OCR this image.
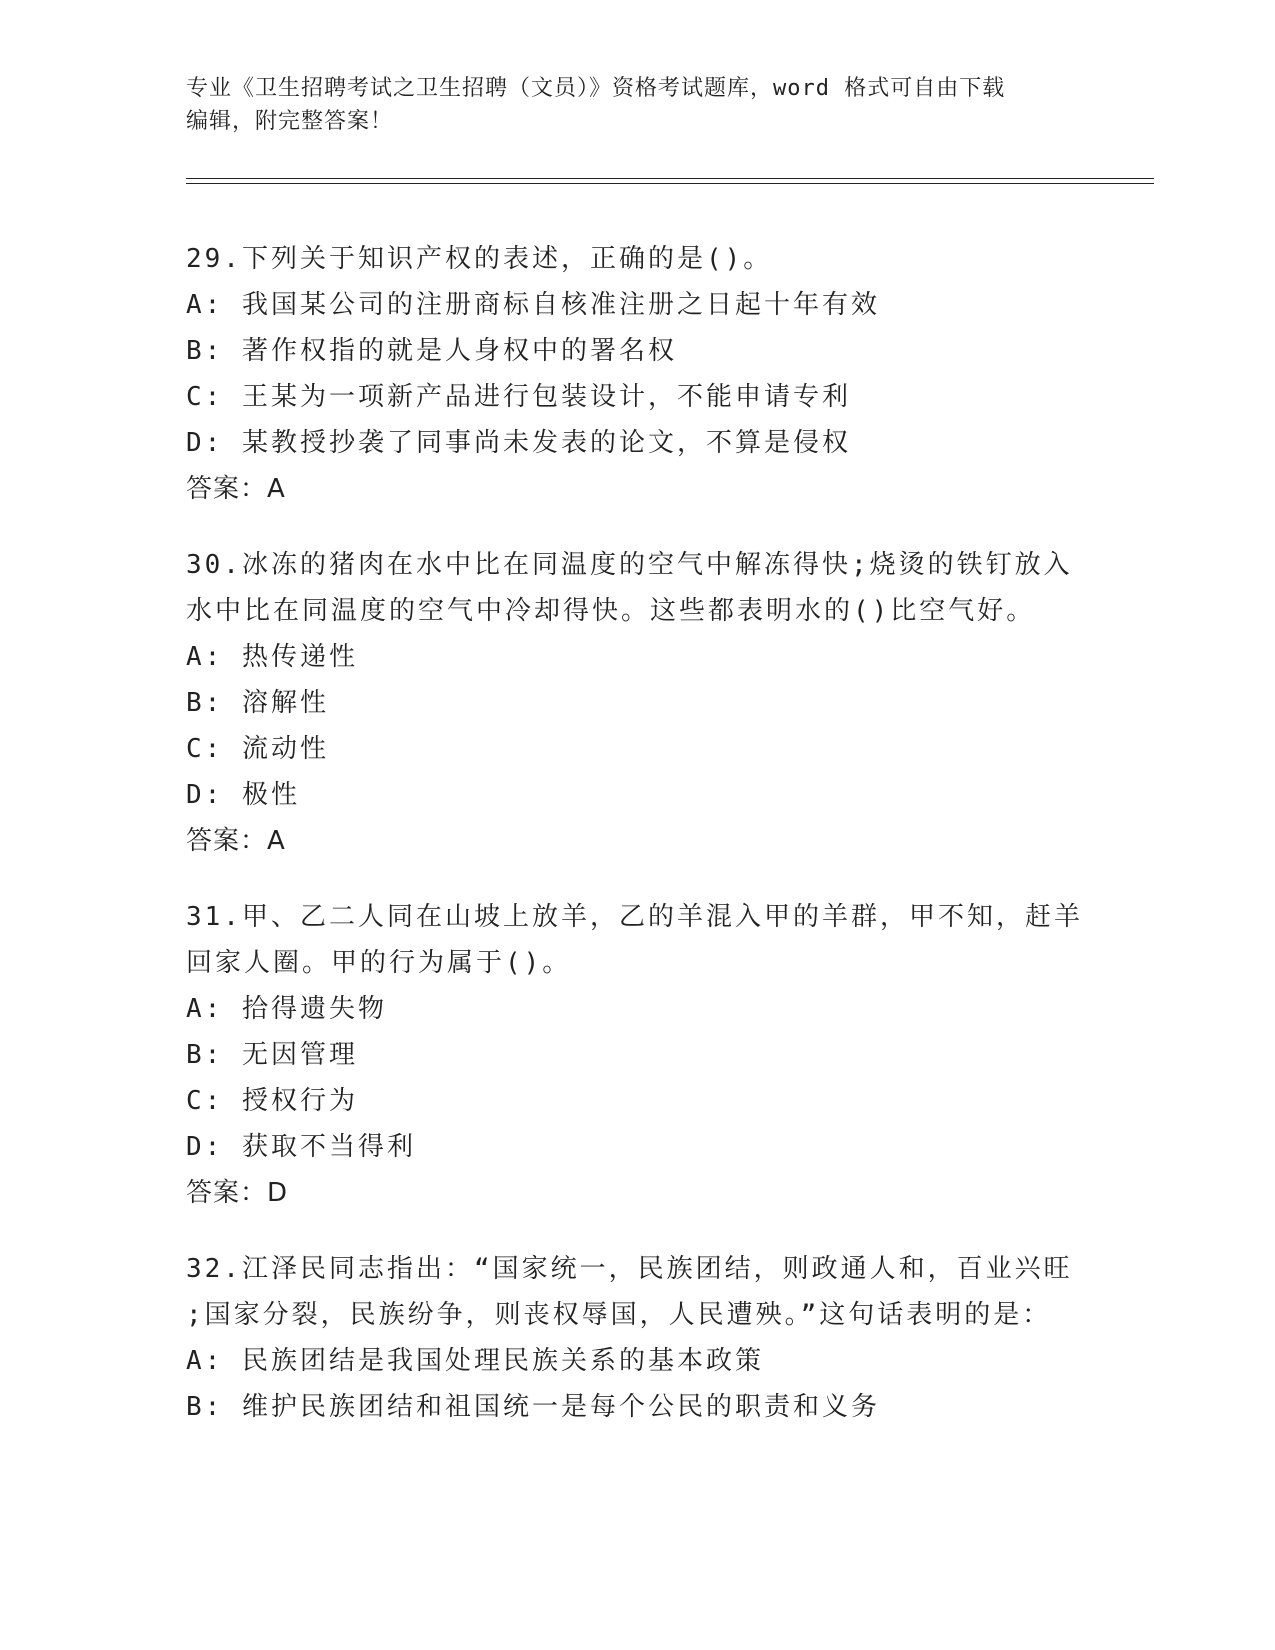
专业《卫生招聘考试之卫生招聘（文员）》资格考试题库，word 格式可自由下载
编辑，附完整答案！
29.下列关于知识产权的表述，正确的是()。
A: 我国某公司的注册商标自核准注册之日起十年有效
B: 著作权指的就是人身权中的署名权
C: 王某为一项新产品进行包装设计，不能申请专利
D: 某教授抄袭了同事尚未发表的论文，不算是侵权
答案：A
30.冰冻的猪肉在水中比在同温度的空气中解冻得快;烧烫的铁钉放入
水中比在同温度的空气中冷却得快。这些都表明水的()比空气好。
A: 热传递性
B: 溶解性
C: 流动性
D: 极性
答案：A
31.甲、乙二人同在山坡上放羊，乙的羊混入甲的羊群，甲不知，赶羊
回家人圈。甲的行为属于()。
A: 拾得遗失物
B: 无因管理
C: 授权行为
D: 获取不当得利
答案：D
32.江泽民同志指出：“国家统一，民族团结，则政通人和，百业兴旺
;国家分裂，民族纷争，则丧权辱国，人民遭殃。”这句话表明的是：
A: 民族团结是我国处理民族关系的基本政策
B: 维护民族团结和祖国统一是每个公民的职责和义务
